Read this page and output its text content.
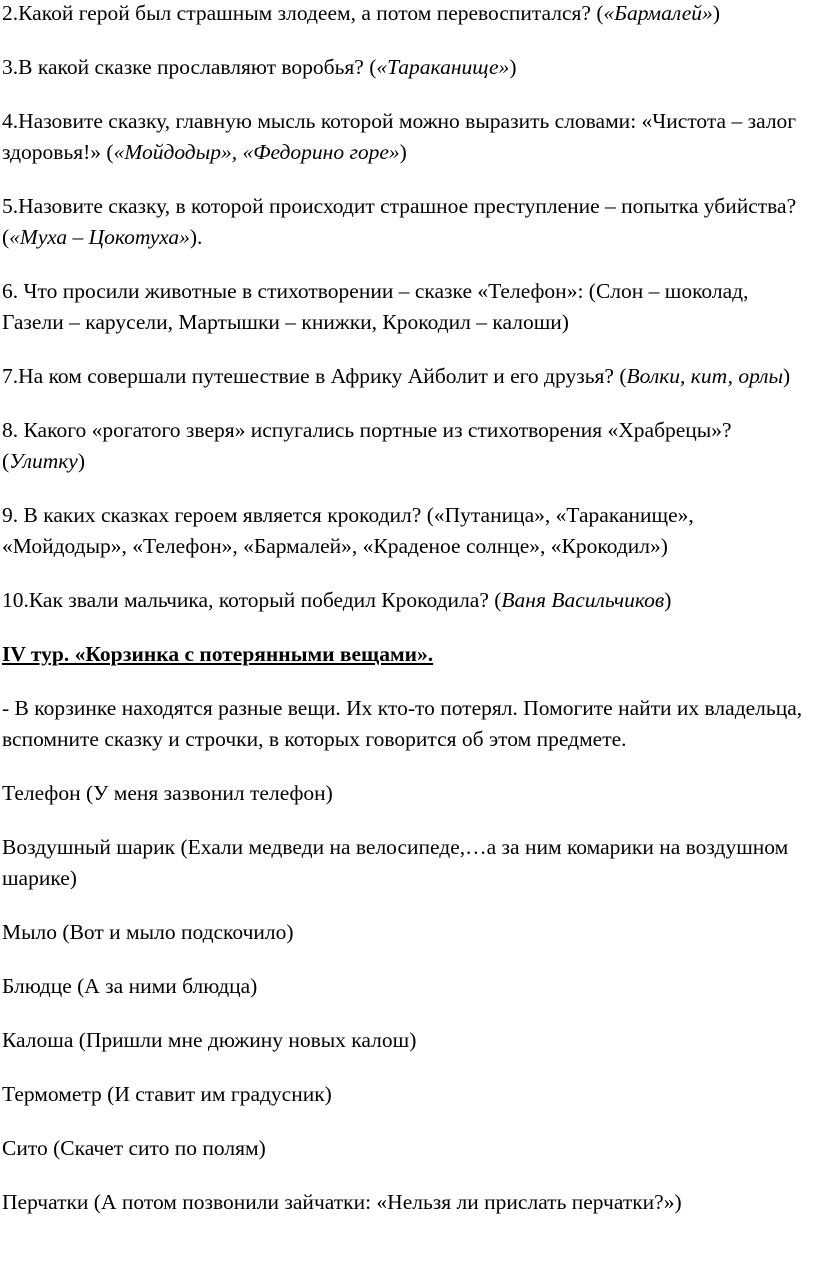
2.Какой герой был страшным злодеем, а потом перевоспитался? («Бармалей»)

3.В какой сказке прославляют воробья? («Тараканище»)

4.Назовите сказку, главную мысль которой можно выразить словами: «Чистота – залог здоровья!» («Мойдодыр», «Федорино горе»)

5.Назовите сказку, в которой происходит страшное преступление – попытка убийства? («Муха – Цокотуха»).

6. Что просили животные в стихотворении – сказке «Телефон»: (Слон – шоколад, Газели – карусели, Мартышки – книжки, Крокодил – калоши)

7.На ком совершали путешествие в Африку Айболит и его друзья? (Волки, кит, орлы)

8. Какого «рогатого зверя» испугались портные из стихотворения «Храбрецы»? (Улитку)

9. В каких сказках героем является крокодил? («Путаница», «Тараканище», «Мойдодыр», «Телефон», «Бармалей», «Краденое солнце», «Крокодил»)

10.Как звали мальчика, который победил Крокодила? (Ваня Васильчиков)

IV тур. «Корзинка с потерянными вещами».

- В корзинке находятся разные вещи. Их кто-то потерял. Помогите найти их владельца, вспомните сказку и строчки, в которых говорится об этом предмете.

Телефон (У меня зазвонил телефон)

Воздушный шарик (Ехали медведи на велосипеде,…а за ним комарики на воздушном шарике)

Мыло (Вот и мыло подскочило)

Блюдце (А за ними блюдца)

Калоша (Пришли мне дюжину новых калош)

Термометр (И ставит им градусник)

Сито (Скачет сито по полям)

Перчатки (А потом позвонили зайчатки: «Нельзя ли прислать перчатки?»)
